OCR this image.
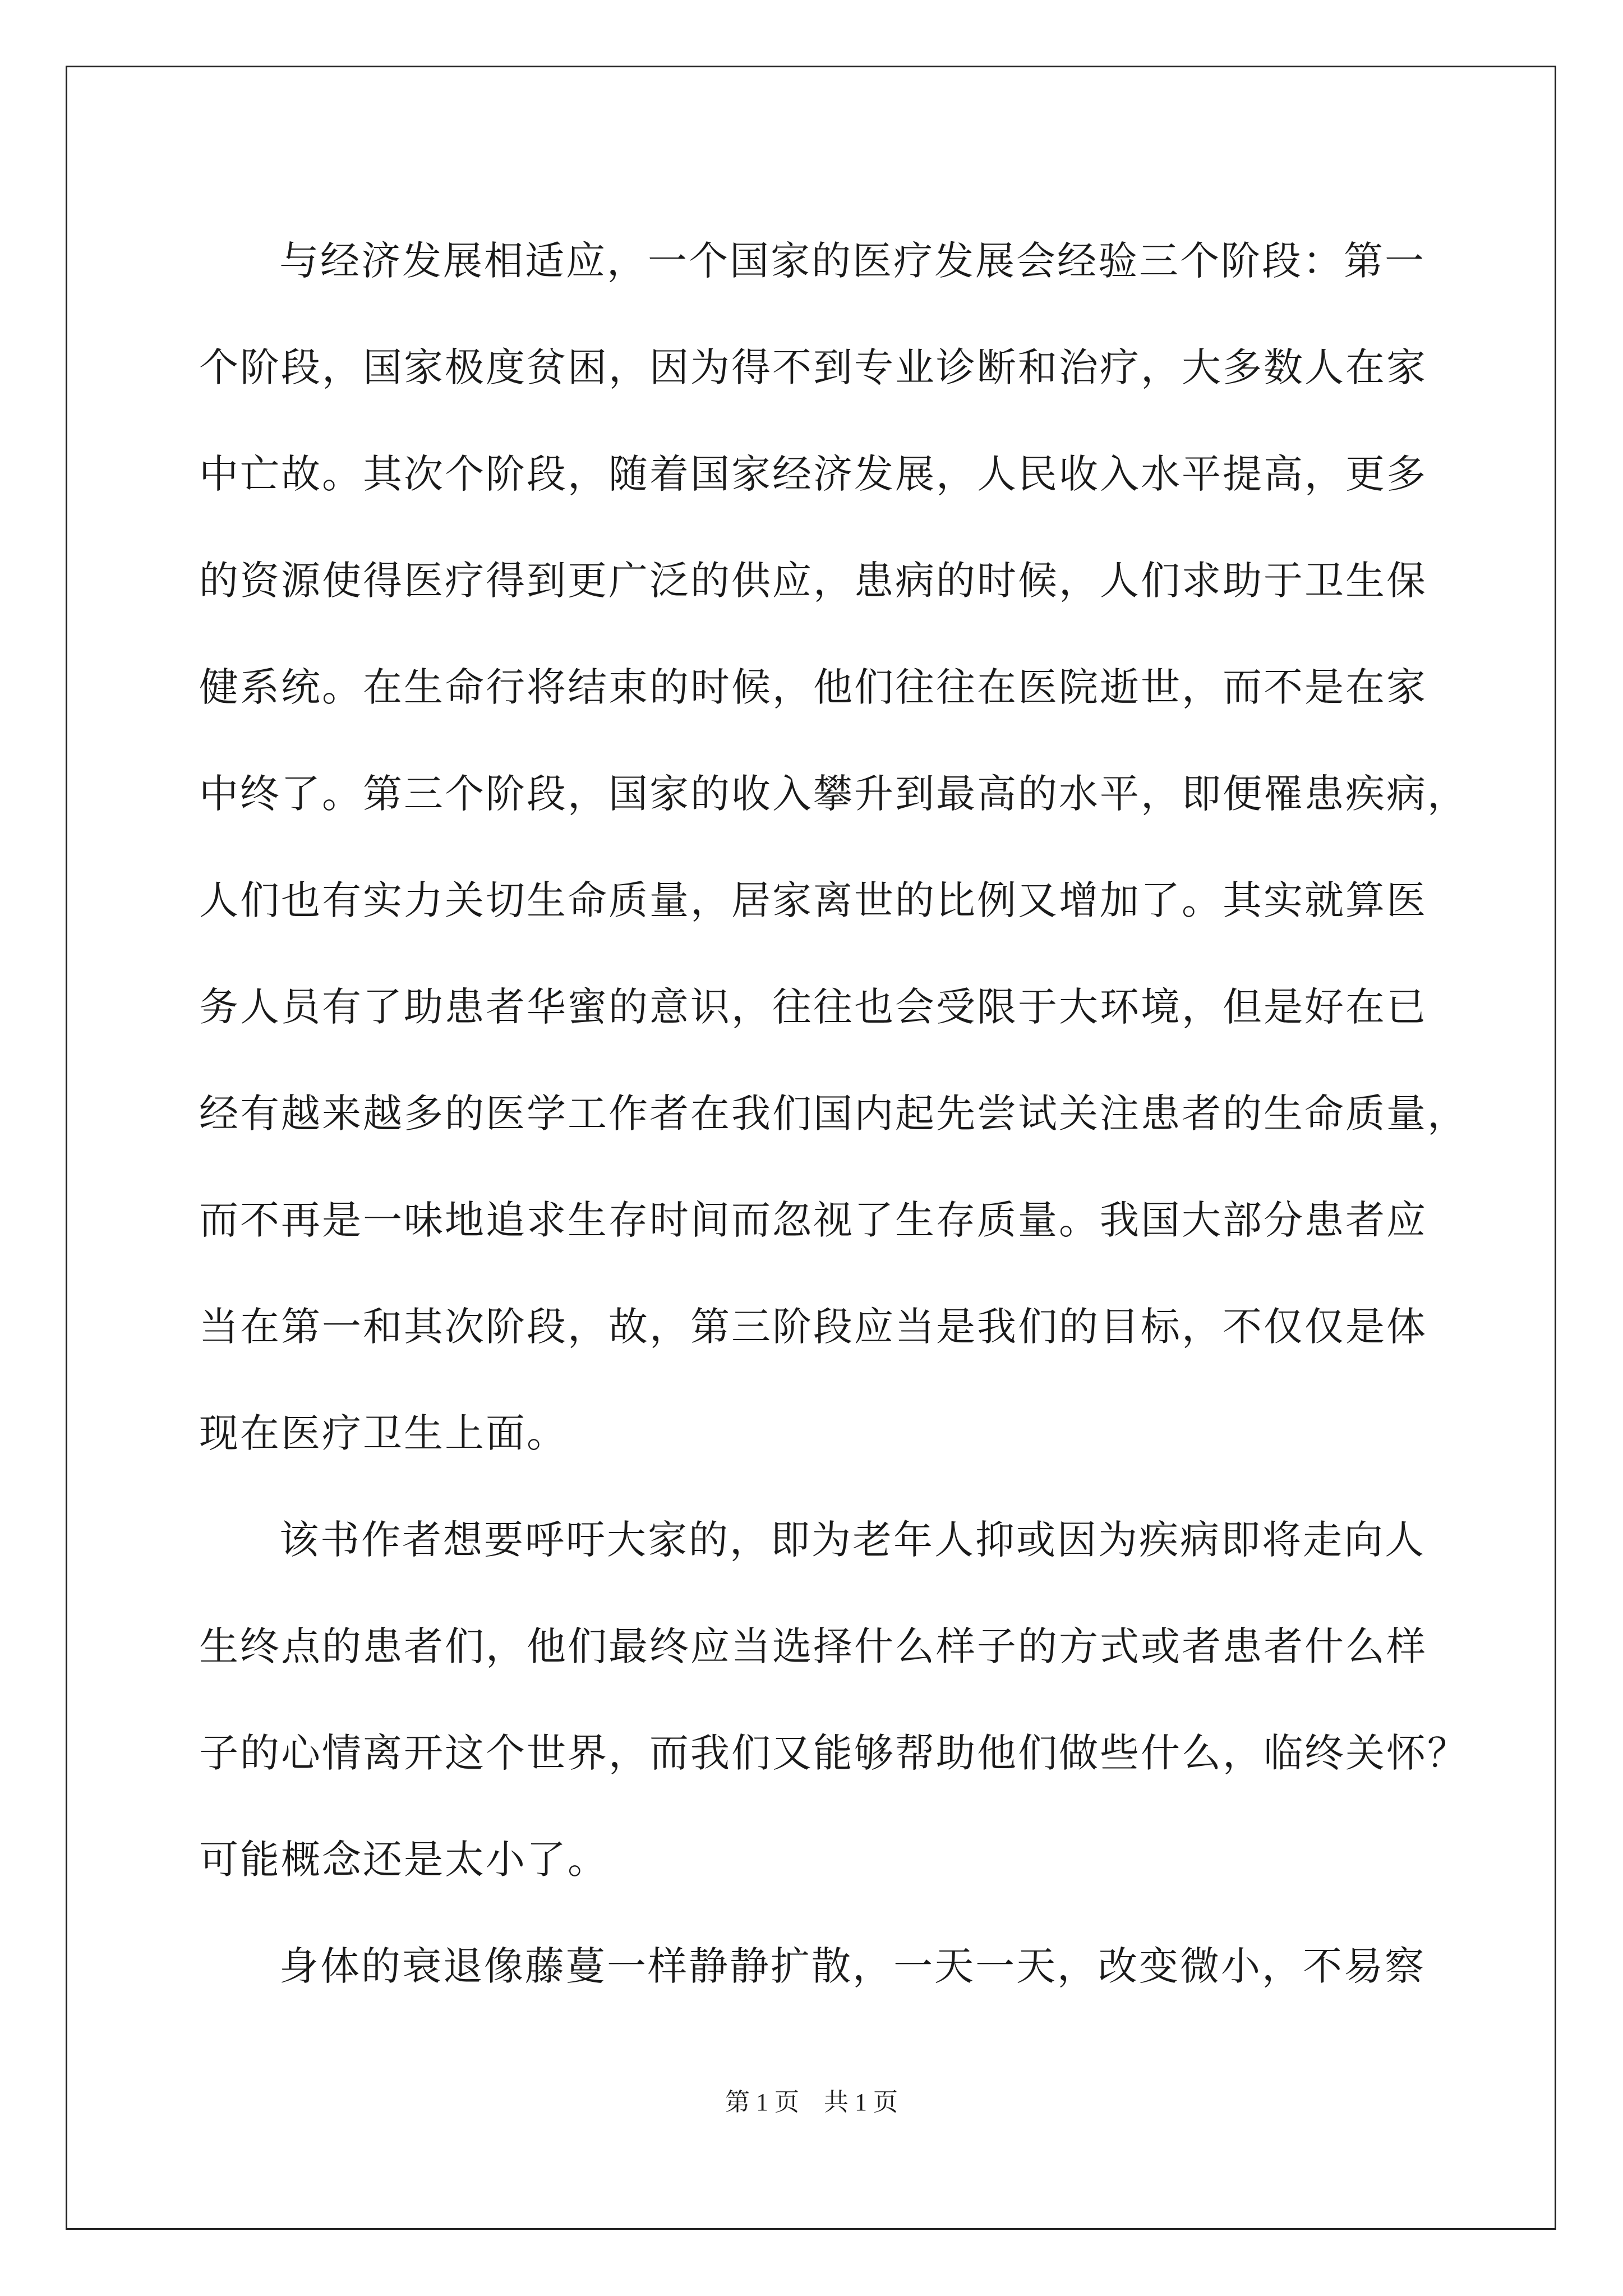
与经济发展相适应，一个国家的医疗发展会经验三个阶段：第一
个阶段，国家极度贫困，因为得不到专业诊断和治疗，大多数人在家
中亡故。其次个阶段，随着国家经济发展，人民收入水平提高，更多
的资源使得医疗得到更广泛的供应，患病的时候，人们求助于卫生保
健系统。在生命行将结束的时候，他们往往在医院逝世，而不是在家
中终了。第三个阶段，国家的收入攀升到最高的水平，即便罹患疾病，
人们也有实力关切生命质量，居家离世的比例又增加了。其实就算医
务人员有了助患者华蜜的意识，往往也会受限于大环境，但是好在已
经有越来越多的医学工作者在我们国内起先尝试关注患者的生命质量，
而不再是一味地追求生存时间而忽视了生存质量。我国大部分患者应
当在第一和其次阶段，故，第三阶段应当是我们的目标，不仅仅是体
现在医疗卫生上面。
该书作者想要呼吁大家的，即为老年人抑或因为疾病即将走向人
生终点的患者们，他们最终应当选择什么样子的方式或者患者什么样
子的心情离开这个世界，而我们又能够帮助他们做些什么，临终关怀？
可能概念还是太小了。
身体的衰退像藤蔓一样静静扩散，一天一天，改变微小，不易察
第 1 页　共 1 页
